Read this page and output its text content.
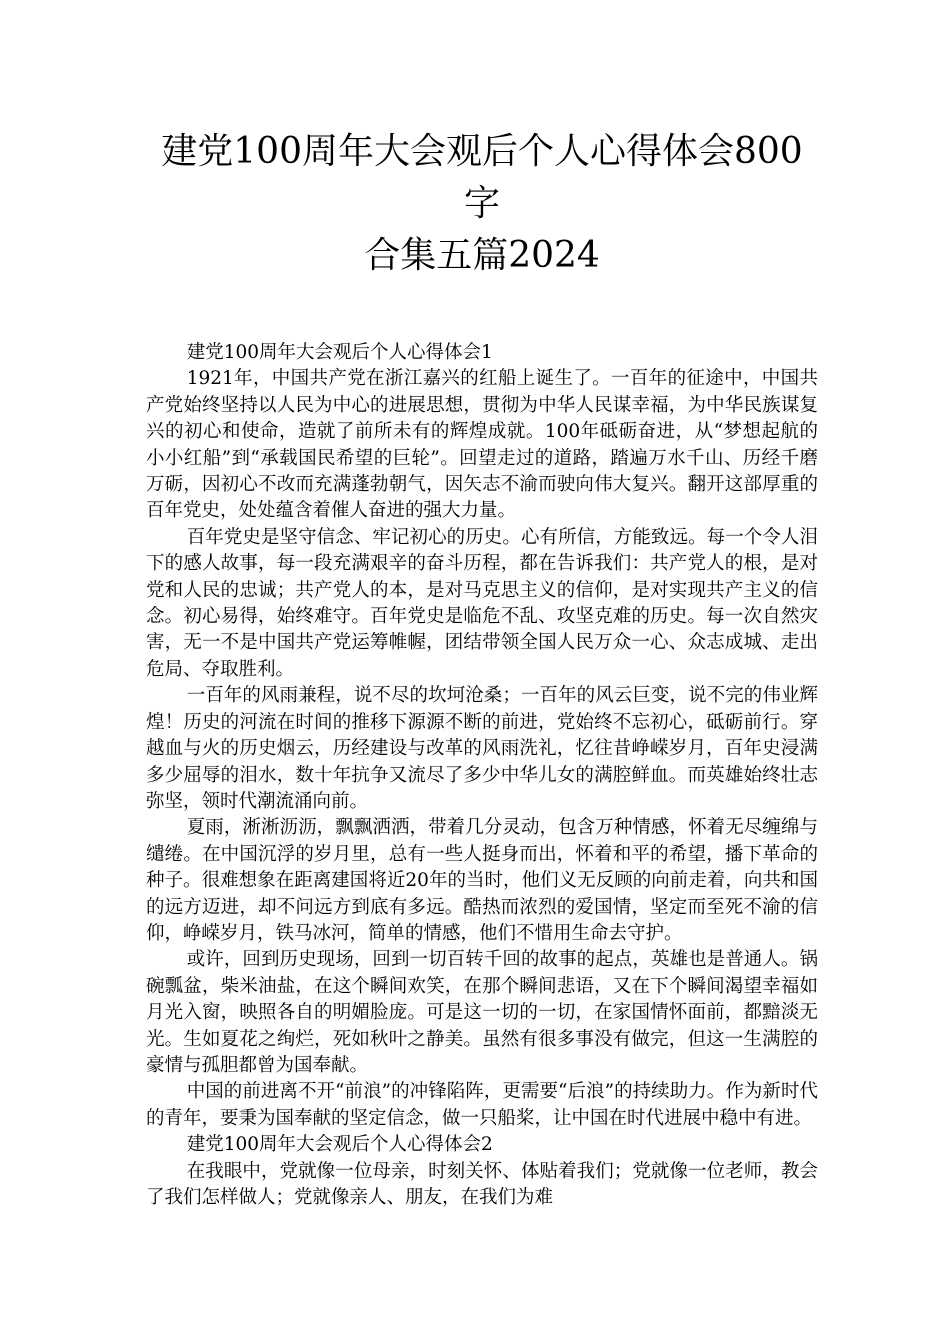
建党100周年大会观后个人心得体会800字
合集五篇2024

建党100周年大会观后个人心得体会1

1921年，中国共产党在浙江嘉兴的红船上诞生了。一百年的征途中，中国共产党始终坚持以人民为中心的进展思想，贯彻为中华人民谋幸福，为中华民族谋复兴的初心和使命，造就了前所未有的辉煌成就。100年砥砺奋进，从“梦想起航的小小红船”到“承载国民希望的巨轮”。回望走过的道路，踏遍万水千山、历经千磨万砺，因初心不改而充满蓬勃朝气，因矢志不渝而驶向伟大复兴。翻开这部厚重的百年党史，处处蕴含着催人奋进的强大力量。

百年党史是坚守信念、牢记初心的历史。心有所信，方能致远。每一个令人泪下的感人故事，每一段充满艰辛的奋斗历程，都在告诉我们：共产党人的根，是对党和人民的忠诚；共产党人的本，是对马克思主义的信仰，是对实现共产主义的信念。初心易得，始终难守。百年党史是临危不乱、攻坚克难的历史。每一次自然灾害，无一不是中国共产党运筹帷幄，团结带领全国人民万众一心、众志成城、走出危局、夺取胜利。

一百年的风雨兼程，说不尽的坎坷沧桑；一百年的风云巨变，说不完的伟业辉煌！历史的河流在时间的推移下源源不断的前进，党始终不忘初心，砥砺前行。穿越血与火的历史烟云，历经建设与改革的风雨洗礼，忆往昔峥嵘岁月，百年史浸满多少屈辱的泪水，数十年抗争又流尽了多少中华儿女的满腔鲜血。而英雄始终壮志弥坚，领时代潮流涌向前。

夏雨，淅淅沥沥，飘飘洒洒，带着几分灵动，包含万种情感，怀着无尽缠绵与缱绻。在中国沉浮的岁月里，总有一些人挺身而出，怀着和平的希望，播下革命的种子。很难想象在距离建国将近20年的当时，他们义无反顾的向前走着，向共和国的远方迈进，却不问远方到底有多远。酷热而浓烈的爱国情，坚定而至死不渝的信仰，峥嵘岁月，铁马冰河，简单的情感，他们不惜用生命去守护。

或许，回到历史现场，回到一切百转千回的故事的起点，英雄也是普通人。锅碗瓢盆，柴米油盐，在这个瞬间欢笑，在那个瞬间悲语，又在下个瞬间渴望幸福如月光入窗，映照各自的明媚脸庞。可是这一切的一切，在家国情怀面前，都黯淡无光。生如夏花之绚烂，死如秋叶之静美。虽然有很多事没有做完，但这一生满腔的豪情与孤胆都曾为国奉献。

中国的前进离不开“前浪”的冲锋陷阵，更需要“后浪”的持续助力。作为新时代的青年，要秉为国奉献的坚定信念，做一只船桨，让中国在时代进展中稳中有进。

建党100周年大会观后个人心得体会2

在我眼中，党就像一位母亲，时刻关怀、体贴着我们；党就像一位老师，教会了我们怎样做人；党就像亲人、朋友，在我们为难
